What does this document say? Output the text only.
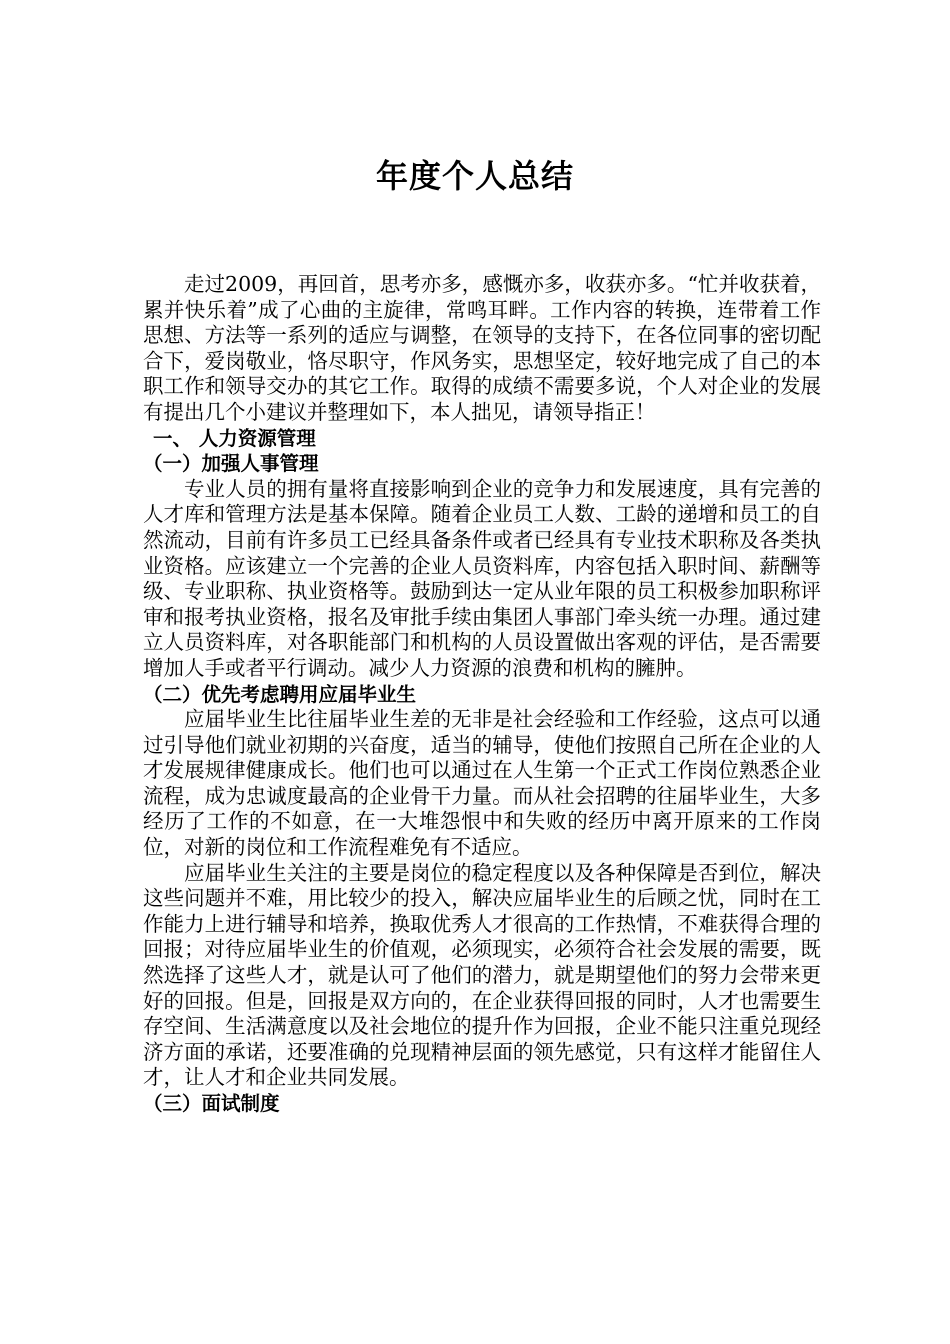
年度个人总结

走过2009，再回首，思考亦多，感慨亦多，收获亦多。“忙并收获着，累并快乐着”成了心曲的主旋律，常鸣耳畔。工作内容的转换，连带着工作思想、方法等一系列的适应与调整，在领导的支持下，在各位同事的密切配合下，爱岗敬业，恪尽职守，作风务实，思想坚定，较好地完成了自己的本职工作和领导交办的其它工作。取得的成绩不需要多说，个人对企业的发展有提出几个小建议并整理如下，本人拙见，请领导指正！

一、 人力资源管理

（一）加强人事管理

专业人员的拥有量将直接影响到企业的竞争力和发展速度，具有完善的人才库和管理方法是基本保障。随着企业员工人数、工龄的递增和员工的自然流动，目前有许多员工已经具备条件或者已经具有专业技术职称及各类执业资格。应该建立一个完善的企业人员资料库，内容包括入职时间、薪酬等级、专业职称、执业资格等。鼓励到达一定从业年限的员工积极参加职称评审和报考执业资格，报名及审批手续由集团人事部门牵头统一办理。通过建立人员资料库，对各职能部门和机构的人员设置做出客观的评估，是否需要增加人手或者平行调动。减少人力资源的浪费和机构的臃肿。

（二）优先考虑聘用应届毕业生

应届毕业生比往届毕业生差的无非是社会经验和工作经验，这点可以通过引导他们就业初期的兴奋度，适当的辅导，使他们按照自己所在企业的人才发展规律健康成长。他们也可以通过在人生第一个正式工作岗位熟悉企业流程，成为忠诚度最高的企业骨干力量。而从社会招聘的往届毕业生，大多经历了工作的不如意，在一大堆怨恨中和失败的经历中离开原来的工作岗位，对新的岗位和工作流程难免有不适应。

应届毕业生关注的主要是岗位的稳定程度以及各种保障是否到位，解决这些问题并不难，用比较少的投入，解决应届毕业生的后顾之忧，同时在工作能力上进行辅导和培养，换取优秀人才很高的工作热情，不难获得合理的回报；对待应届毕业生的价值观，必须现实，必须符合社会发展的需要，既然选择了这些人才，就是认可了他们的潜力，就是期望他们的努力会带来更好的回报。但是，回报是双方向的，在企业获得回报的同时，人才也需要生存空间、生活满意度以及社会地位的提升作为回报，企业不能只注重兑现经济方面的承诺，还要准确的兑现精神层面的领先感觉，只有这样才能留住人才，让人才和企业共同发展。

（三）面试制度
